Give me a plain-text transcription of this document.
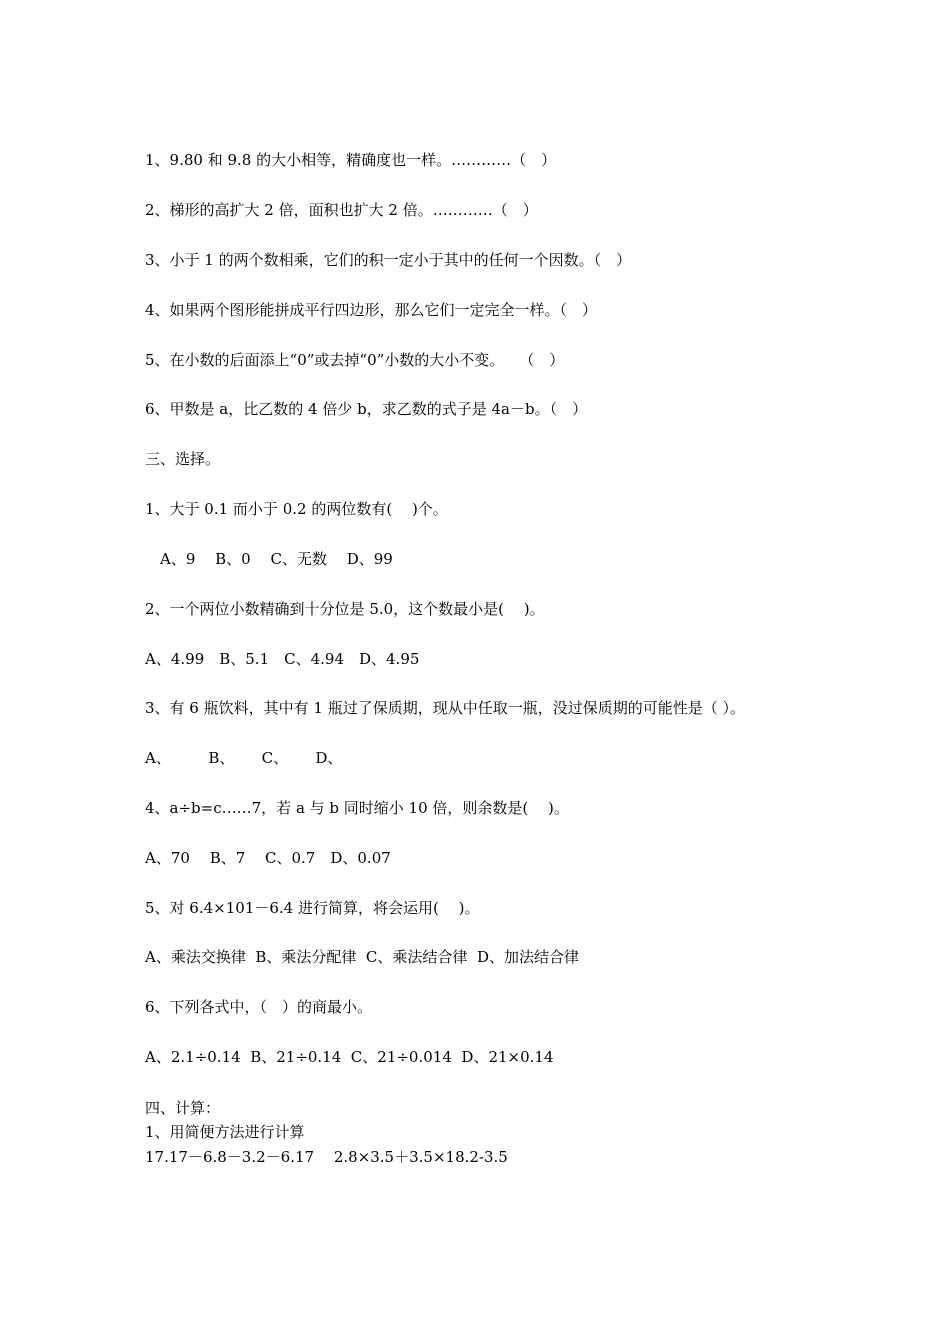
1、9.80 和 9.8 的大小相等，精确度也一样。…………（　）
2、梯形的高扩大 2 倍，面积也扩大 2 倍。…………（　）
3、小于 1 的两个数相乘，它们的积一定小于其中的任何一个因数。（　）
4、如果两个图形能拼成平行四边形，那么它们一定完全一样。（　）
5、在小数的后面添上“0”或去掉“0”小数的大小不变。　　（　）
6、甲数是 a，比乙数的 4 倍少 b，求乙数的式子是 4a－b。（　）
三、选择。
1、大于 0.1 而小于 0.2 的两位数有(　 )个。
　A、9　 B、0　 C、无数　 D、99
2、一个两位小数精确到十分位是 5.0，这个数最小是(　 )。
A、4.99　B、5.1　C、4.94　D、4.95
3、有 6 瓶饮料，其中有 1 瓶过了保质期，现从中任取一瓶，没过保质期的可能性是（ ）。
A、　　　B、　　 C、　　 D、
4、a÷b=c……7，若 a 与 b 同时缩小 10 倍，则余数是(　 )。
A、70　 B、7　 C、0.7　D、0.07
5、对 6.4×101－6.4 进行简算，将会运用(　 )。
A、乘法交换律  B、乘法分配律  C、乘法结合律  D、加法结合律
6、下列各式中，（　）的商最小。
A、2.1÷0.14  B、21÷0.14  C、21÷0.014  D、21×0.14
四、计算：
1、用简便方法进行计算
17.17－6.8－3.2－6.17　 2.8×3.5＋3.5×18.2-3.5
